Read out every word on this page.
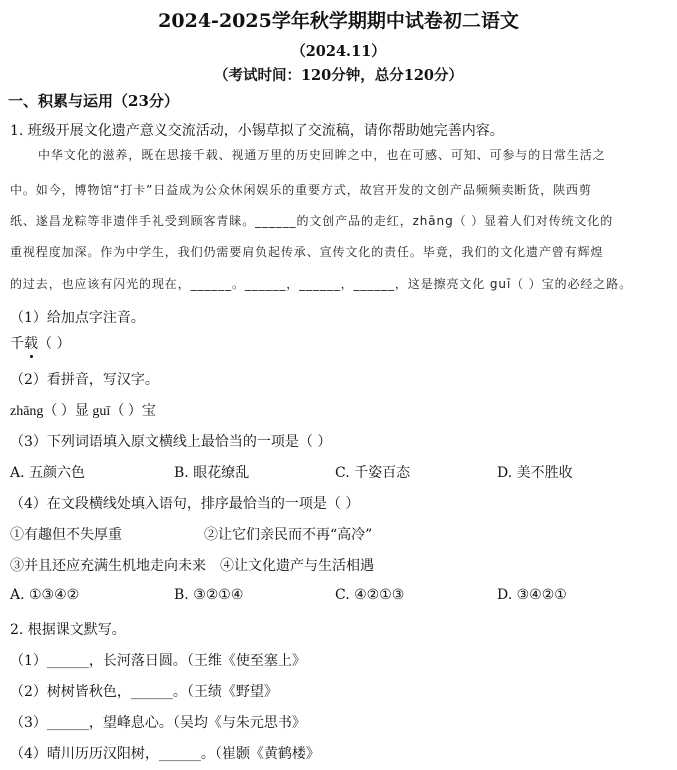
2024-2025学年秋学期期中试卷初二语文
（2024.11）
（考试时间：120分钟，总分120分）
一、积累与运用（23分）
1. 班级开展文化遗产意义交流活动，小锡草拟了交流稿，请你帮助她完善内容。
中华文化的滋养，既在思接千载、视通万里的历史回眸之中，也在可感、可知、可参与的日常生活之
中。如今，博物馆“打卡”日益成为公众休闲娱乐的重要方式，故宫开发的文创产品频频卖断货，陕西剪
纸、遂昌龙粽等非遗伴手礼受到顾客青睐。______的文创产品的走红，zhāng（ ）显着人们对传统文化的
重视程度加深。作为中学生，我们仍需要肩负起传承、宣传文化的责任。毕竟，我们的文化遗产曾有辉煌
的过去，也应该有闪光的现在，______。______，______，______，这是擦亮文化 guī（ ）宝的必经之路。
（1）给加点字注音。
千载（ ）
（2）看拼音，写汉字。
zhāng（ ）显 guī（ ）宝
（3）下列词语填入原文横线上最恰当的一项是（ ）
A. 五颜六色	B. 眼花缭乱	C. 千姿百态	D. 美不胜收
（4）在文段横线处填入语句，排序最恰当的一项是（ ）
①有趣但不失厚重	②让它们亲民而不再“高冷”
③并且还应充满生机地走向未来 ④让文化遗产与生活相遇
A. ①③④②	B. ③②①④	C. ④②①③	D. ③④②①
2. 根据课文默写。
（1）______，长河落日圆。（王维《使至塞上》
（2）树树皆秋色，______。（王绩《野望》
（3）______，望峰息心。（吴均《与朱元思书》
（4）晴川历历汉阳树，______。（崔颢《黄鹤楼》
